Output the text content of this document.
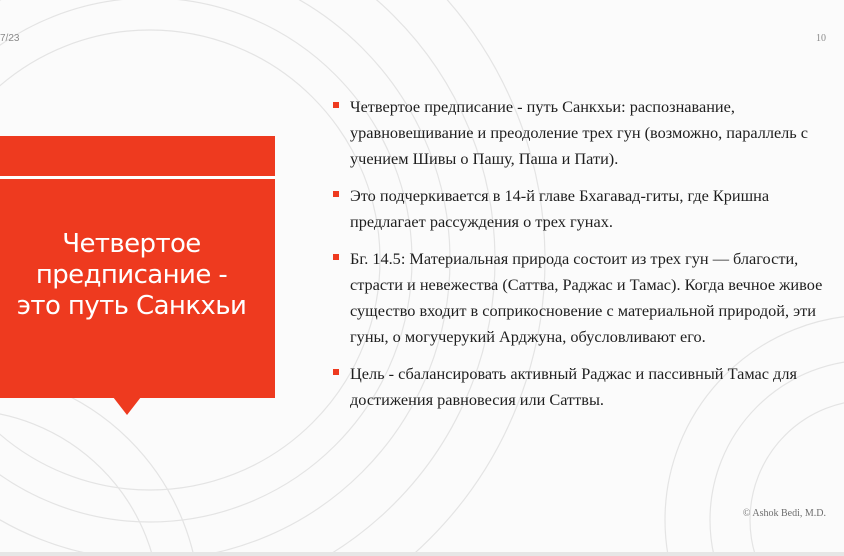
7/23	10
Четвертое
предписание -
это путь Санкхьи
Четвертое предписание - путь Санкхьи: распознавание, уравновешивание и преодоление трех гун (возможно, параллель с учением Шивы о Пашу, Паша и Пати).
Это подчеркивается в 14-й главе Бхагавад-гиты, где Кришна предлагает рассуждения о трех гунах.
Бг. 14.5: Материальная природа состоит из трех гун — благости, страсти и невежества (Саттва, Раджас и Тамас). Когда вечное живое существо входит в соприкосновение с материальной природой, эти гуны, о могучерукий Арджуна, обусловливают его.
Цель - сбалансировать активный Раджас и пассивный Тамас для достижения равновесия или Саттвы.
© Ashok Bedi, M.D.
